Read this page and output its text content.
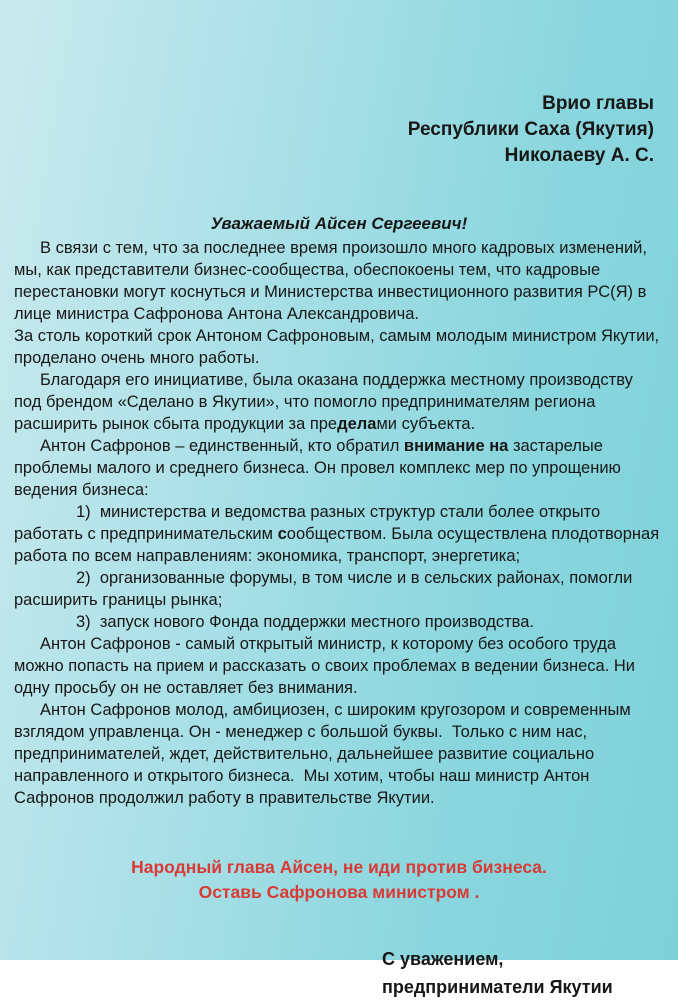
Врио главы
Республики Саха (Якутия)
Николаеву А. С.
Уважаемый Айсен Сергеевич!

В связи с тем, что за последнее время произошло много кадровых изменений, мы, как представители бизнес-сообщества, обеспокоены тем, что кадровые перестановки могут коснуться и Министерства инвестиционного развития РС(Я) в лице министра Сафронова Антона Александровича.

За столь короткий срок Антоном Сафроновым, самым молодым министром Якутии, проделано очень много работы.

Благодаря его инициативе, была оказана поддержка местному производству под брендом «Сделано в Якутии», что помогло предпринимателям региона расширить рынок сбыта продукции за пределами субъекта.

Антон Сафронов – единственный, кто обратил внимание на застарелые проблемы малого и среднего бизнеса. Он провел комплекс мер по упрощению ведения бизнеса:

1)  министерства и ведомства разных структур стали более открыто работать с предпринимательским cообществом. Была осуществлена плодотворная работа по всем направлениям: экономика, транспорт, энергетика;

2)  организованные форумы, в том числе и в сельских районах, помогли расширить границы рынка;

3)  запуск нового Фонда поддержки местного производства.

Антон Сафронов - самый открытый министр, к которому без особого труда можно попасть на прием и рассказать о своих проблемах в ведении бизнеса. Ни одну просьбу он не оставляет без внимания.

Антон Сафронов молод, амбициозен, с широким кругозором и современным взглядом управленца. Он - менеджер с большой буквы.  Только с ним нас, предпринимателей, ждет, действительно, дальнейшее развитие социально направленного и открытого бизнеса.  Мы хотим, чтобы наш министр Антон Сафронов продолжил работу в правительстве Якутии.

Народный глава Айсен, не иди против бизнеса.
Оставь Сафронова министром .
С уважением,
предприниматели Якутии
